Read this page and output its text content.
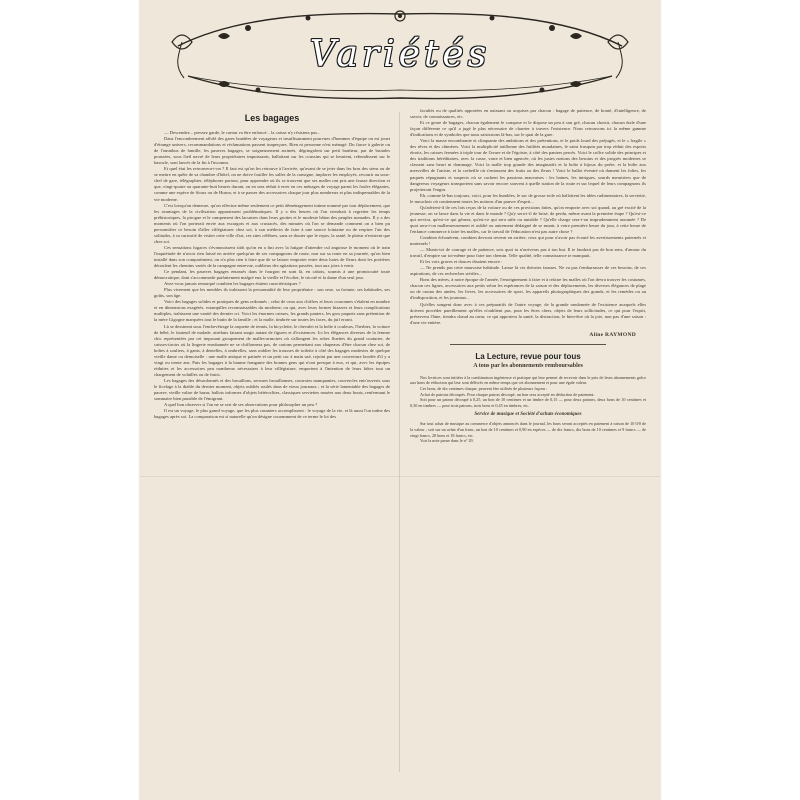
Variétés
Les bagages

— Descendez... pressez garde, le carton va être enfoncé... la caisse n'y résistera pas...

Dans l'encombrement affolé des gares bondées de voyageurs et insuffisamment pourvues d'hommes d'équipe on est jouet d'étrange univers, recommandations et réclamations passent inaperçues. Rien ni personne n'est ménagé. Du fiacre à galerie ou de l'omnibus de famille, les pauvres bagages, se soigneusement arrimés, dégringolent sur petit bonheur, par de brutales poussées, sous l'œil navré de leurs propriétaires impuissants, ballottant sur les coussins qui se heurtent, rebondissent sur le bascule, sont lancés de la fin à l'inconnu.

Et quel état les retrouvera-t-on ? Il faut est qu'on les retrouve à l'arrivée, qu'avant de se jeter dans les bras des siens ou de se mettre en quête de sa chambre d'hôtel, on ne doive fouiller les salles de la consigne, implorer les employés, recourir au sous-chef de gare, télégraphier, téléphoner partout, pour apprendre où ils se trouvent que ses malles ont pris une fausse direction et que, vingt-quatre ou quarante-huit heures durant, on en sera réduit à errer en ces ménages de voyage parmi les foules élégantes, comme une espèce de Sioux ou de Huron, et à se passer des accessoires chaque jour plus nombreux et plus indispensables de la vie moderne.

C'est lorsqu'on demeure, qu'on effectue même seulement ce petit déménagement intime nommé par tout déplacement, que les avantages de la civilisation apparaissent problématiques. Il y a des heures où l'on viendrait à regretter les temps préhistoriques, la pirogue et le campement des lacustres dans leurs grottes et le modeste bâton des peuples nomades. Il y a des moments où l'on porterait envie aux escargots et aux crustacés, des minutes où l'on se demande comment on a bien pu personnifier ce besoin d'aller villégiaturer chez soi, à son médecin de faire à une source lointaine ou de respirer l'air des solitudes, à sa curiosité de visiter cette ville d'art, ces sites célèbres, sans se douter que le repos, la santé, le plaisir n'existent que chez soi.

Ces sensations fugaces s'évanouissent sitôt qu'on en a fini avec la fatigue d'attendre cul angoisse le moment où le train l'inquiétude de n'avoir rien laissé en arrière quelqu'un de ses compagnons de route, non sur sa route en sa journée, qu'on bien installé dans son compartiment, on n'a plus rien à faire que de se laisser emporter entre deux haies de fleurs dont les portières déroulent les chemins variés de la campagne entrevue, oublieux des agitations passées, tout aux joies à venir.

Ce pendant, les pauvres bagages entassés dans le fourgon en sont là, en cahots, soumis à une promiscuité toute démocratique, dont s'accommode parfaitement malgré eux la vieille et l'écolier, le tricoté et la dame d'un seul jour.

Avez-vous jamais remarqué combien les bagages étaient caractéristiques ?

Plus vivement que les meubles ils trahissent la personnalité de leur propriétaire : son sexe, sa fortune, ses habitudes, ses goûts, son âge.

Voici des bagages solides et pratiques de gens ordonnés ; celui de ceux aux chiffres et leurs couronnes s'étalent en nombre et en dimensions exagérés, estampilles reconnaissables du moderne, ou qui, avec leurs formes bizarres et leurs complications multiples, trahissent une vanité des dernier cri. Voici les énormes caisses, les grands paniers, les gros paquets sans prétention de la mère Gigogne marquées tout le butin de la famille ; et la malle, timbrée sur toutes les faces, du juif errant.

Là se dessinent sous l'enchevêtrage la raquette de tennis, la bicyclette, le chevalet et la boîte à couleurs, l'herbier, la voiture de bébé, le fauteuil de malade, attributs faisant surgir autant de figures et d'existences. Ici les élégances diverses de la femme chic représentées par cet imposant groupement de malles-armoires où s'allongent les robes fluettes du grand couturier, de caisses-tiroirs où la lingerie enrubannée ne se chiffonnera pas, de cartons permettant aux chapeaux d'être chacun chez soi, de boîtes à souliers, à gants, à dentelles, à ombrelles, sans oublier les trousses de toilette à côté des bagages modestes de quelque vieille dame ou demoiselle : une malle antique et patinée et un petit sac à main usé, rejoint par une couverture brodée d'il y a vingt ou trente ans. Puis les bagages à la baume frangante des bonnes gens qui n'ont presque à eux, et qui, avec les équipes réduites et les accessoires peu nombreux nécessaires à leur villégiature, emportent à l'intention de leurs hôtes tout un chargement de volailles ou de fruits.

Les bagages des désordonnés et des brouillons, serrures brouillonnes, courroies manquantes, couvercles entr'ouverts sous le ficelage à la diable du dernier moment, objets oubliés roulés dans de vieux journaux ; et la série lamentable des bagages de pauvre, vieille valise de bazar, ballots informes d'objets hétéroclites, classiques serviettes nouées aux deux bouts, renfermant le sommaire bien passible de l'émigrant.

A quel bon observer si l'on ne se sert de ses observations pour philosopher un peu ?

Il est un voyage, le plus grand voyage, que les plus casaniers accomplissent : le voyage de la vie, et là aussi l'on traîne des bagages après soi. La comparaison est si naturelle qu'on désigne couramment de ce terme le lot des

facultés ou de qualités apportées en naissant ou acquises par chacun : bagage de patience, de bonté, d'intelligence, de savoir, de connaissances, etc.

Et ce genre de bagages, chacun également le compose et le dispose un peu à son gré, chacun choisit, chacun étale d'une façon différente ce qu'il a jugé le plus nécessaire de charrier à travers l'existence. Nous retrouvons ici la même gamme d'indications et de symboles que nous saisissions là-bas, sur le quai de la gare.

Voici la masse encombrante et clinquante des ambitions et des prétentions, et le poids lourd des préjugés, et le « fragile » des rêves et des chimères. Voici la multiplicité tatillonne des futilités mondaines, le saint frusquin par trop réduit des espoirs étroits, les caisses fermées à triple tour de l'avare et de l'égoïste, à côté des paniers percés. Voici le coffre solide des principes et des traditions héréditaires, avec la casse, vaste et bien agencée, où les justes notions des besoins et des progrès modernes se classent sans heurt ni dommage. Voici la malle trop grande des imaginatifs et la boîte à bijoux du poète, et la boîte aux merveilles de l'artiste, et la corbeille où s'entassent des fruits ou des fleurs ! Voici le ballot éventré où dansent les folies, les paquets répugnants et suspects où se cachent les passions mauvaises : les haines, les intrigues, sourds meurtriers que de dangereux voyageurs transportent sans savoir encore souvent à quelle station de la route et sur lequel de leurs compagnons ils projetteront l'engin.

Eh, comme là-bas toujours, voici, pour les humbles, le sac de grosse toile où ballottent les idées rudimentaires, la serviette, le mouchoir où contiennent toutes les notions d'un pauvre d'esprit...

Qu'advient-il de ces lots reçus de la voiture ou de ces provisions faites, qu'on emporte avec soi quand, au gré excité de la jeunesse, on se lance dans la vie et dans le monde ? Qu'y sera-t-il de brisé, de perdu, même avant la première étape ? Qu'est-ce qui servira, qu'est-ce qui gênera, qu'est-ce qui sera utile ou nuisible ? Qu'elle charge sera-t-on imprudemment assumée ? De quoi sera-t-on malheureusement et oublié ou autrement dédaigné de se munir, à votre première heure du jour, à cette heure de l'enfance commerce à faire les malles, car le travail de l'éducation n'est pas autre chose ?

Combien échouèrent, combien devront revenir en arrière, ceux qui pour n'avoir pas écouté les avertissements paternels et maternels !

— Munis-toi de courage et de patience, sois quoi tu n'arriveras pas à ton but. Il te faudrait pas de bon sens, d'amour du travail, d'empire sur toi-même pour faire ton chemin. Telle qualité, telle connaissance te manquait.

Et les voix graves et douces disaient encore :

— Ne prends pas cette mauvaise habitude. Laisse là ces théories fausses. Ne va pas t'embarrasser de ces besoins, de ces aspirations, de ces recherches stériles...

Bons des mères, à notre époque de l'année, l'enseignement à faire et à refaire les malles où l'on devra trouver les costumes, chacun ces lignes, accessoires aux petits selon les espérances de la saison et des déplacements, les diverses élégances de plage ou de casino des ainées, les livres, les accessoires de sport, les appareils photographiques des grands, et les remèdes ou au d'indisposition, et les journaux...

Qu'elles songent donc avec à ces préparatifs de l'autre voyage, de la grande randonnée de l'existence auxquels elles doivent procéder pareillement qu'elles n'oublient pas, pour les êtres chers, objets de leurs sollicitudes, ce qui pour l'esprit, préservera l'âme, tiendra chaud au cœur, ce qui apportera la santé, la distraction, le bien-être où la joie, non pas d'une saison : d'une vie entière.

Aline RAYMOND
La Lecture, revue pour tous
A tous par les abonnements remboursables

Nos lectrices sont initiées à la combinaison ingénieuse et pratique qui leur permet de recevoir dans le prix de leurs abonnements grâce aux bons de réduction qui leur sont délivrés en même temps que cet abonnement et pour une égale valeur.

Ces bons, de dix centimes chaque, peuvent être utilisés de plusieurs façons :

Achat de patrons découpés. Pour chaque patron découpé, un bon sera accepté en déduction de paiement.

Soit pour un patron découpé à 0,25, un bon de 10 centimes et un timbre de 0,15 — pour deux patrons, deux bons de 10 centimes et 0,30 en timbres — pour trois patrons, trois bons et 0,45 en timbres, etc.

Service de musique et Société d'achats économiques

Sur tout achat de musique au commerce d'objets annoncés dans le journal, les bons seront acceptés en paiement à raison de 10 0/0 de la valeur ; soit sur un achat d'un franc, un bon de 10 centimes et 0,90 en espèces — de dix francs, dix bons de 10 centimes et 9 francs — de vingt francs, 20 bons et 18 francs, etc.

Voir la note parue dans le n° 29.
